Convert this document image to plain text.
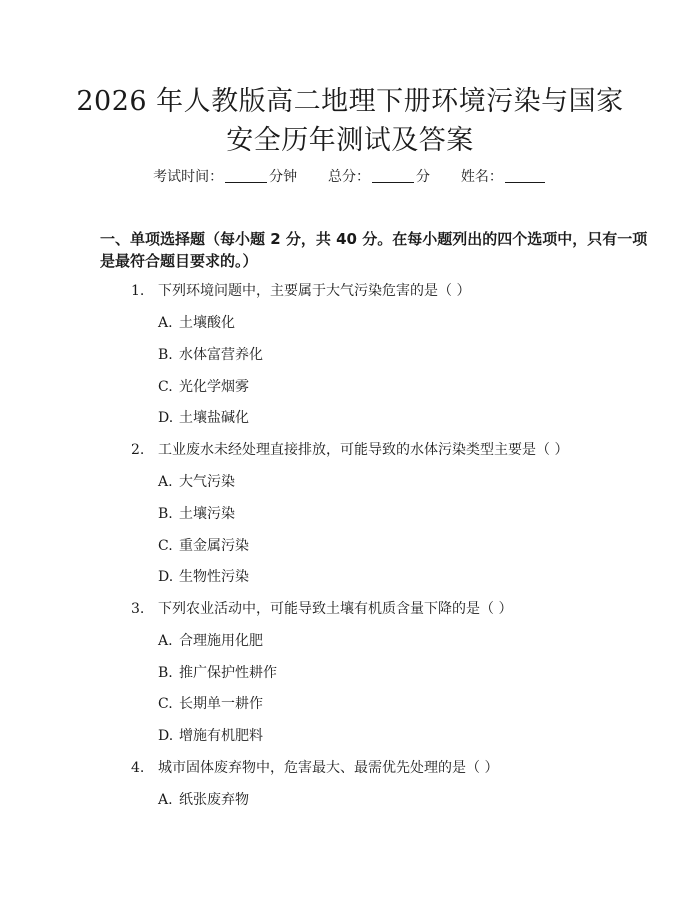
2026 年人教版高二地理下册环境污染与国家
安全历年测试及答案
考试时间：	分钟 总分：	分 姓名：
一、单项选择题（每小题 2 分，共 40 分。在每小题列出的四个选项中，只有一项
是最符合题目要求的。）
1. 下列环境问题中，主要属于大气污染危害的是（ ）
A. 土壤酸化
B. 水体富营养化
C. 光化学烟雾
D. 土壤盐碱化
2. 工业废水未经处理直接排放，可能导致的水体污染类型主要是（ ）
A. 大气污染
B. 土壤污染
C. 重金属污染
D. 生物性污染
3. 下列农业活动中，可能导致土壤有机质含量下降的是（ ）
A. 合理施用化肥
B. 推广保护性耕作
C. 长期单一耕作
D. 增施有机肥料
4. 城市固体废弃物中，危害最大、最需优先处理的是（ ）
A. 纸张废弃物
